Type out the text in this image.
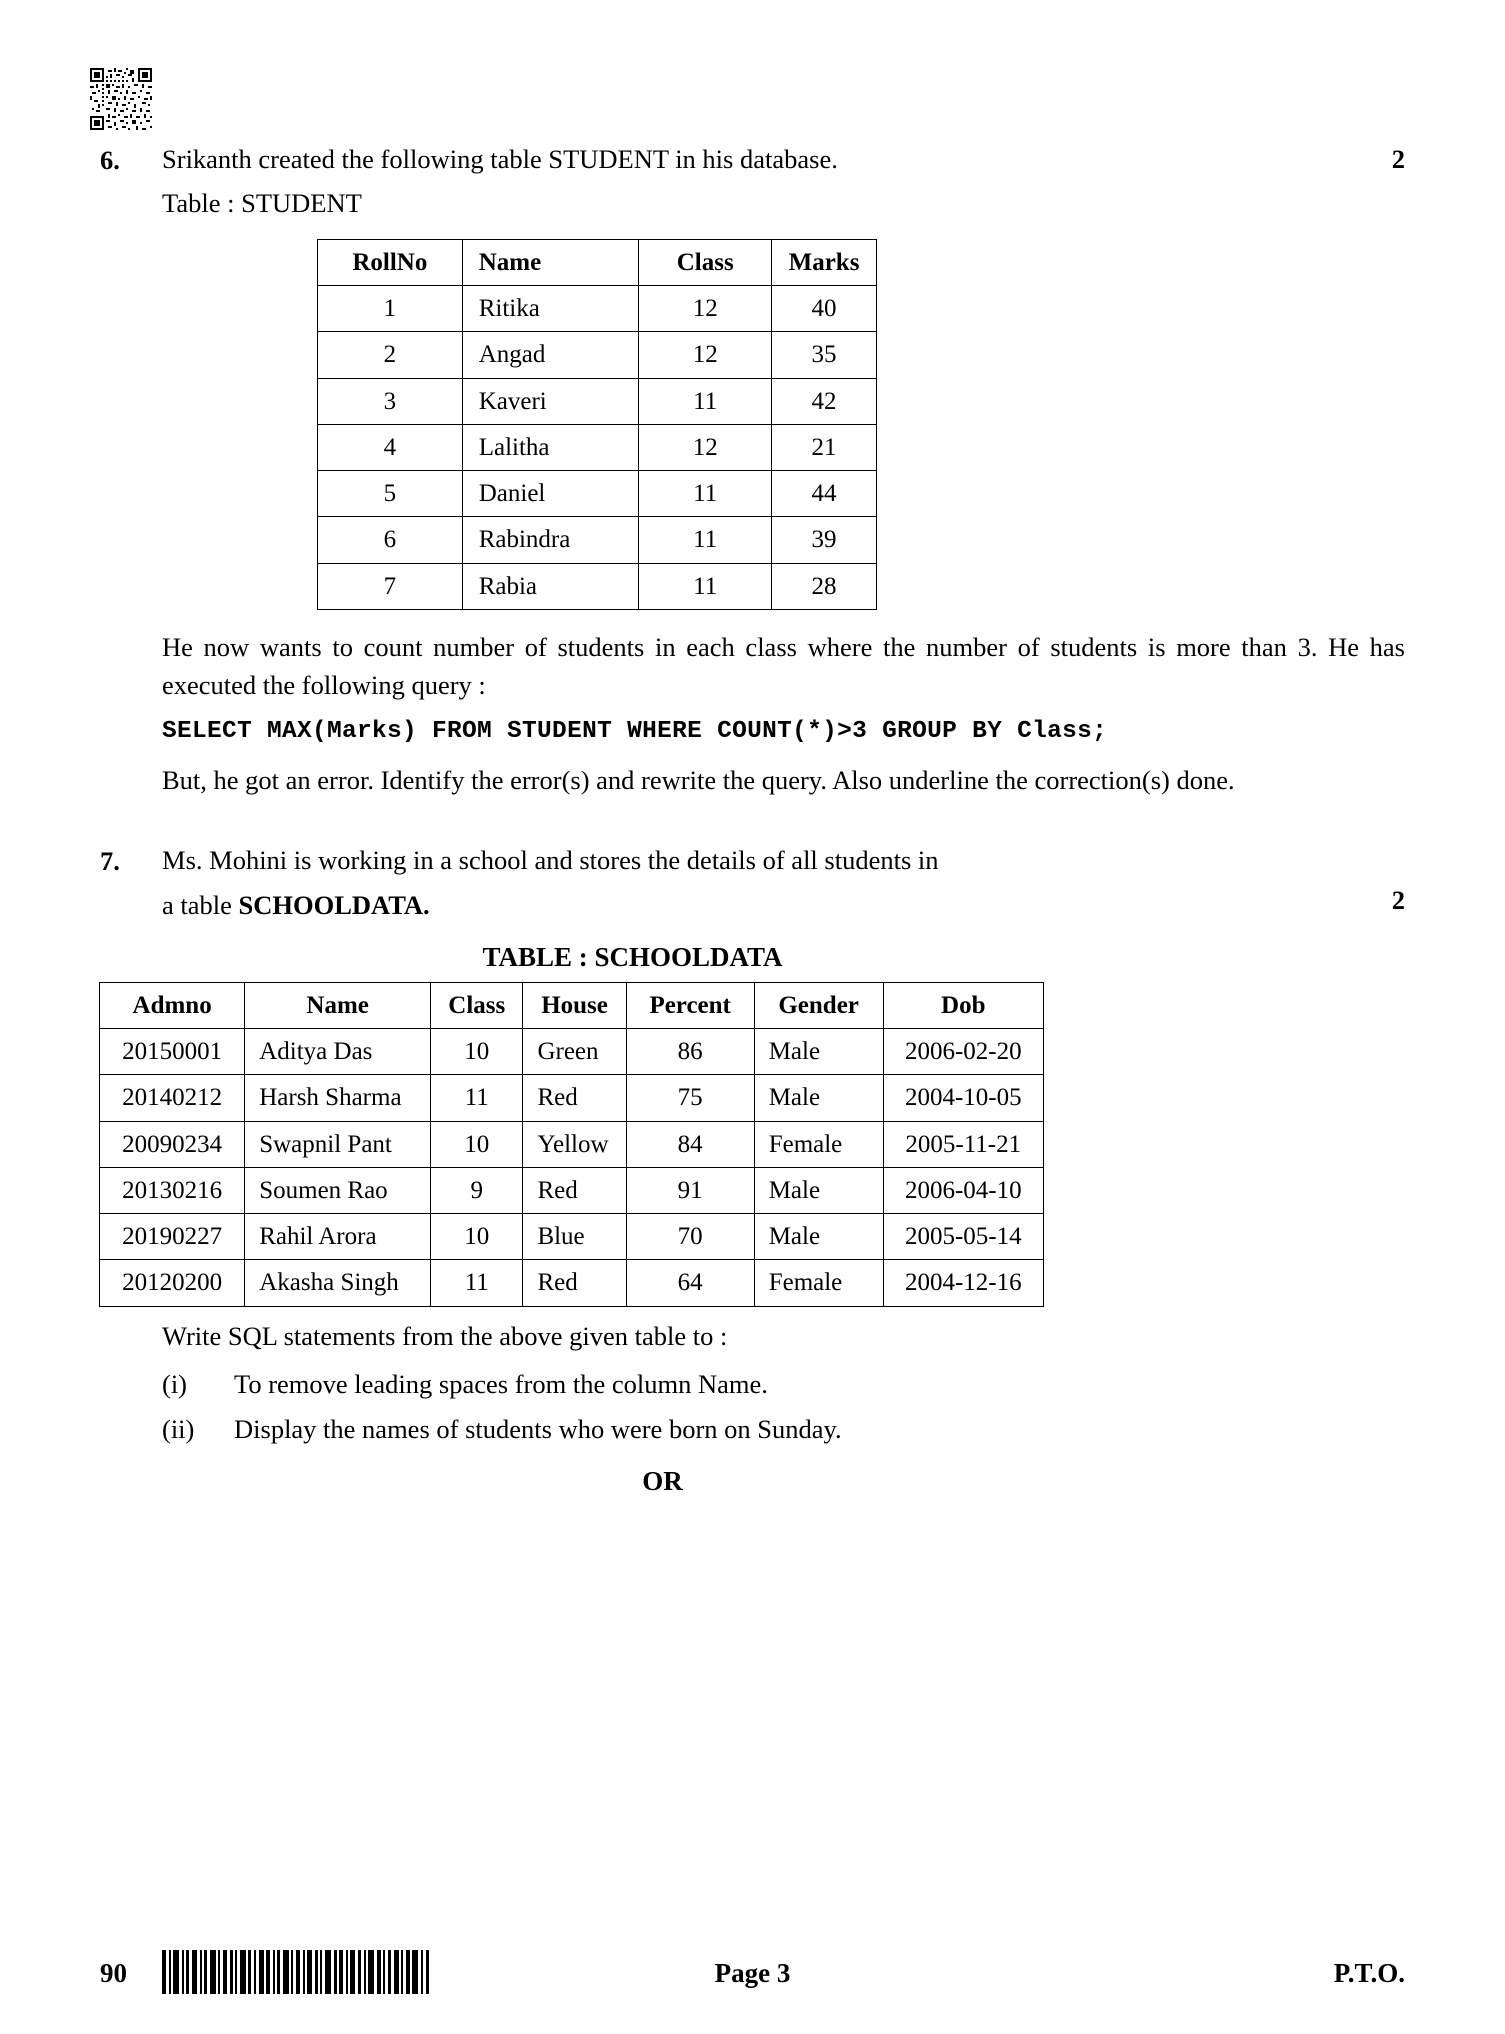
6.	2

Srikanth created the following table STUDENT in his database.

Table : STUDENT
RollNo	Name	Class	Marks
1	Ritika	12	40
2	Angad	12	35
3	Kaveri	11	42
4	Lalitha	12	21
5	Daniel	11	44
6	Rabindra	11	39
7	Rabia	11	28

He now wants to count number of students in each class where the number of students is more than 3. He has executed the following query :

SELECT MAX(Marks) FROM STUDENT WHERE COUNT(*)>3 GROUP BY Class;

But, he got an error. Identify the error(s) and rewrite the query. Also underline the correction(s) done.

7.
2

Ms. Mohini is working in a school and stores the details of all students in

a table SCHOOLDATA.
TABLE : SCHOOLDATA
Admno	Name	Class	House	Percent	Gender	Dob
20150001	Aditya Das	10	Green	86	Male	2006-02-20
20140212	Harsh Sharma	11	Red	75	Male	2004-10-05
20090234	Swapnil Pant	10	Yellow	84	Female	2005-11-21
20130216	Soumen Rao	9	Red	91	Male	2006-04-10
20190227	Rahil Arora	10	Blue	70	Male	2005-05-14
20120200	Akasha Singh	11	Red	64	Female	2004-12-16

Write SQL statements from the above given table to :

(i)	To remove leading spaces from the column Name.
(ii)	Display the names of students who were born on Sunday.
OR
90	Page 3	P.T.O.
